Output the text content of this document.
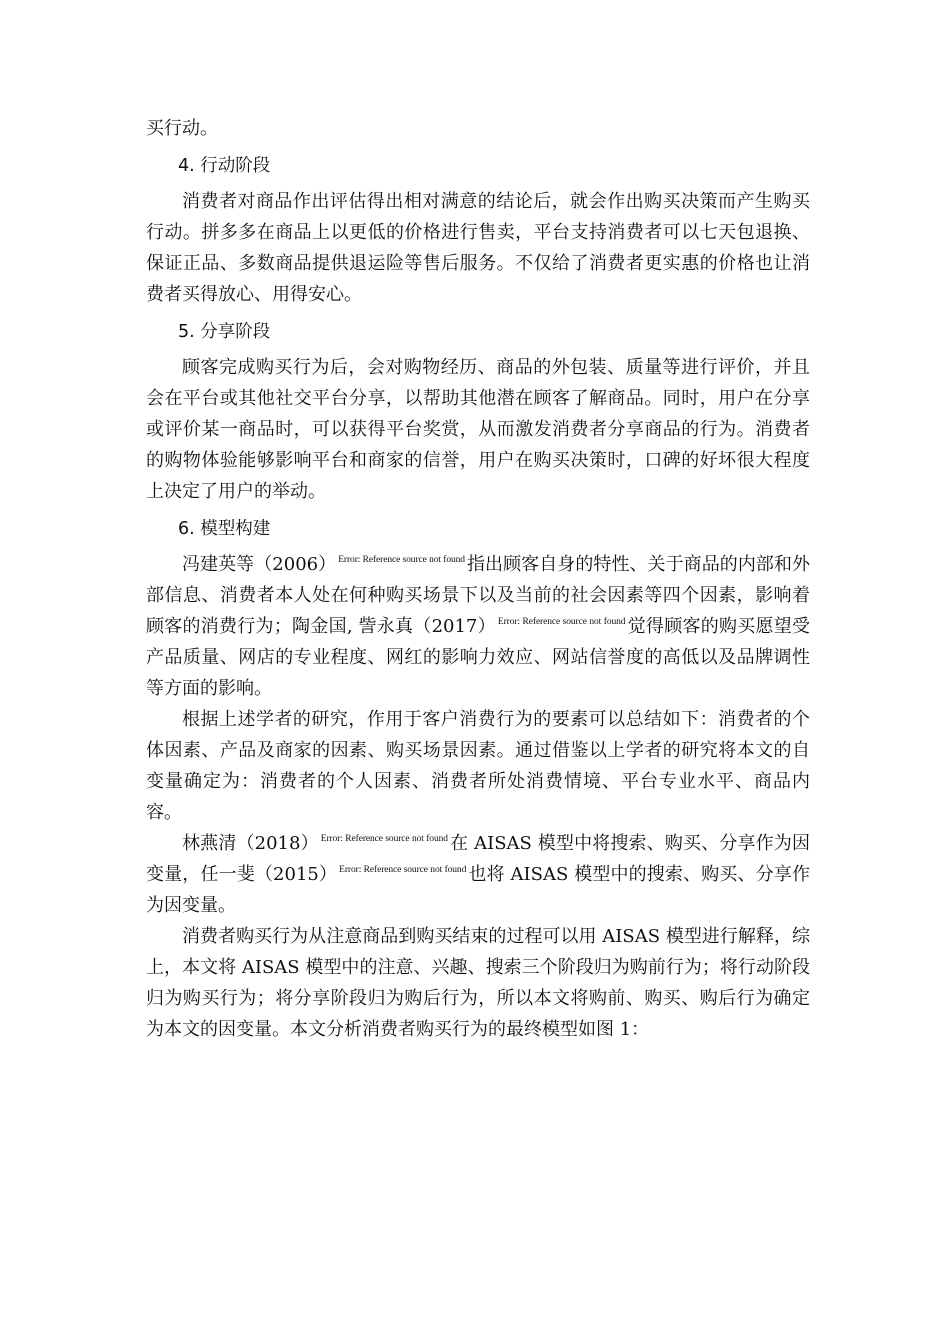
买行动。

4. 行动阶段

消费者对商品作出评估得出相对满意的结论后，就会作出购买决策而产生购买行动。拼多多在商品上以更低的价格进行售卖，平台支持消费者可以七天包退换、保证正品、多数商品提供退运险等售后服务。不仅给了消费者更实惠的价格也让消费者买得放心、用得安心。

5. 分享阶段

顾客完成购买行为后，会对购物经历、商品的外包装、质量等进行评价，并且会在平台或其他社交平台分享，以帮助其他潜在顾客了解商品。同时，用户在分享或评价某一商品时，可以获得平台奖赏，从而激发消费者分享商品的行为。消费者的购物体验能够影响平台和商家的信誉，用户在购买决策时，口碑的好坏很大程度上决定了用户的举动。

6. 模型构建

冯建英等（2006） $^{Error: Reference source not found}$ 指出顾客自身的特性、关于商品的内部和外部信息、消费者本人处在何种购买场景下以及当前的社会因素等四个因素，影响着顾客的消费行为；陶金国, 訾永真（2017） $^{Error: Reference source not found}$ 觉得顾客的购买愿望受产品质量、网店的专业程度、网红的影响力效应、网站信誉度的高低以及品牌调性等方面的影响。

根据上述学者的研究，作用于客户消费行为的要素可以总结如下：消费者的个体因素、产品及商家的因素、购买场景因素。通过借鉴以上学者的研究将本文的自变量确定为：消费者的个人因素、消费者所处消费情境、平台专业水平、商品内容。

林燕清（2018） $^{Error: Reference source not found}$ 在 AISAS 模型中将搜索、购买、分享作为因变量，任一斐（2015） $^{Error: Reference source not found}$ 也将 AISAS 模型中的搜索、购买、分享作为因变量。

消费者购买行为从注意商品到购买结束的过程可以用 AISAS 模型进行解释，综上，本文将 AISAS 模型中的注意、兴趣、搜索三个阶段归为购前行为；将行动阶段归为购买行为；将分享阶段归为购后行为，所以本文将购前、购买、购后行为确定为本文的因变量。本文分析消费者购买行为的最终模型如图 1：
